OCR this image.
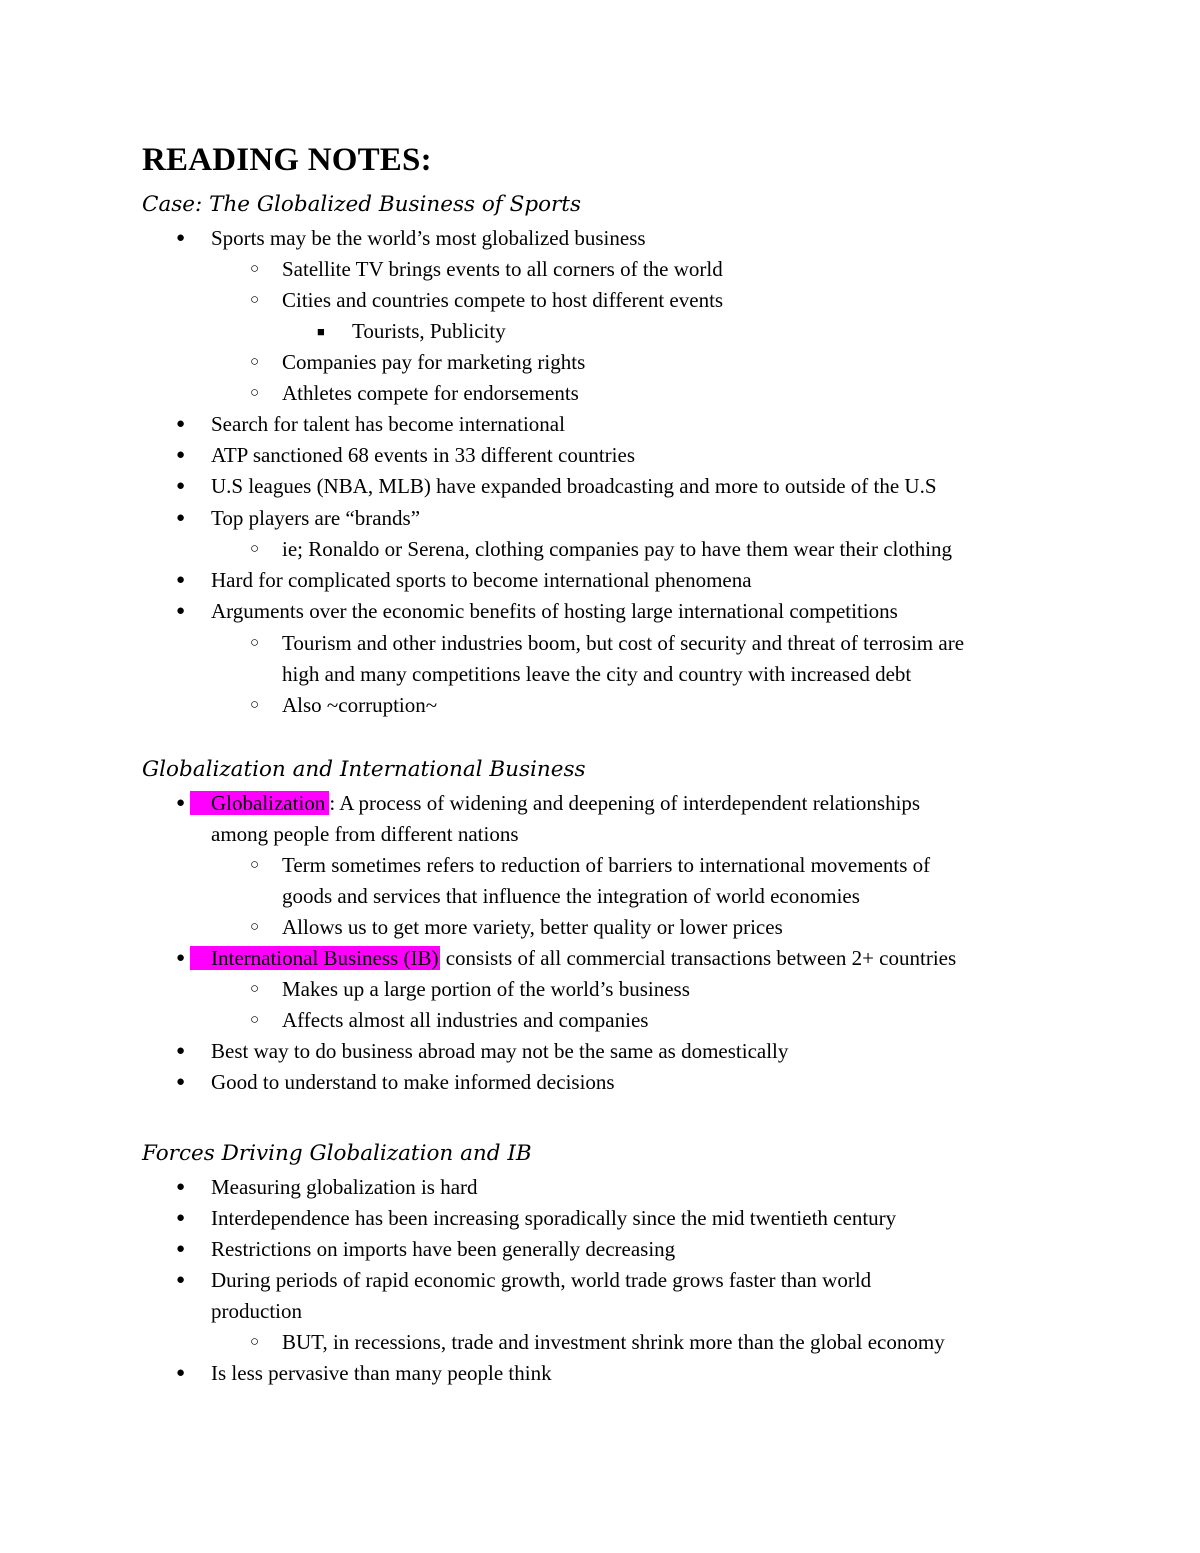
READING NOTES:
Case: The Globalized Business of Sports
● Sports may be the world’s most globalized business
○ Satellite TV brings events to all corners of the world
○ Cities and countries compete to host different events
■ Tourists, Publicity
○ Companies pay for marketing rights
○ Athletes compete for endorsements
● Search for talent has become international
● ATP sanctioned 68 events in 33 different countries
● U.S leagues (NBA, MLB) have expanded broadcasting and more to outside of the U.S
● Top players are “brands”
○ ie; Ronaldo or Serena, clothing companies pay to have them wear their clothing
● Hard for complicated sports to become international phenomena
● Arguments over the economic benefits of hosting large international competitions
○ Tourism and other industries boom, but cost of security and threat of terrosim are
high and many competitions leave the city and country with increased debt
○ Also ~corruption~
Globalization and International Business
●	Globalization : A process of widening and deepening of interdependent relationships
among people from different nations
○ Term sometimes refers to reduction of barriers to international movements of
goods and services that influence the integration of world economies
○ Allows us to get more variety, better quality or lower prices
●	International Business (IB) consists of all commercial transactions between 2+ countries
○ Makes up a large portion of the world’s business
○ Affects almost all industries and companies
● Best way to do business abroad may not be the same as domestically
● Good to understand to make informed decisions
Forces Driving Globalization and IB
● Measuring globalization is hard
● Interdependence has been increasing sporadically since the mid twentieth century
● Restrictions on imports have been generally decreasing
● During periods of rapid economic growth, world trade grows faster than world
production
○ BUT, in recessions, trade and investment shrink more than the global economy
● Is less pervasive than many people think
